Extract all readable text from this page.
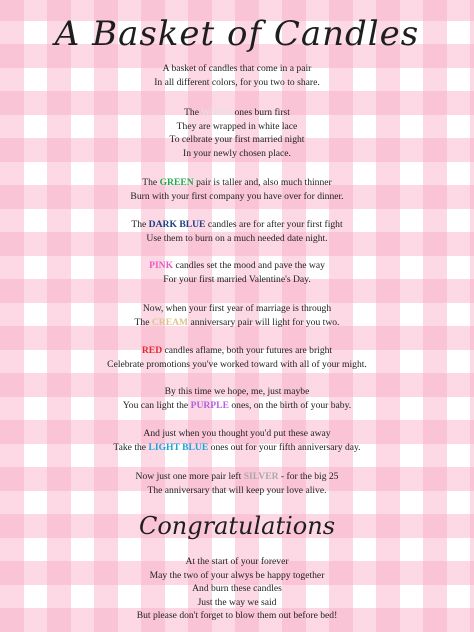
A Basket of Candles
A basket of candles that come in a pair
In all different colors, for you two to share.
The WHITE ones burn first
They are wrapped in white lace
To celbrate your first married night
In your newly chosen place.
The GREEN pair is taller and, also much thinner
Burn with your first company you have over for dinner.
The DARK BLUE candles are for after your first fight
Use them to burn on a much needed date night.
PINK candles set the mood and pave the way
For your first married Valentine's Day.
Now, when your first year of marriage is through
The CREAM anniversary pair will light for you two.
RED candles aflame, both your futures are bright
Celebrate promotions you've worked toward with all of your might.
By this time we hope, me, just maybe
You can light the PURPLE ones, on the birth of your baby.
And just when you thought you'd put these away
Take the LIGHT BLUE ones out for your fifth anniversary day.
Now just one more pair left SILVER - for the big 25
The anniversary that will keep your love alive.
Congratulations
At the start of your forever
May the two of your alwys be happy together
And burn these candles
Just the way we said
But please don't forget to blow them out before bed!
